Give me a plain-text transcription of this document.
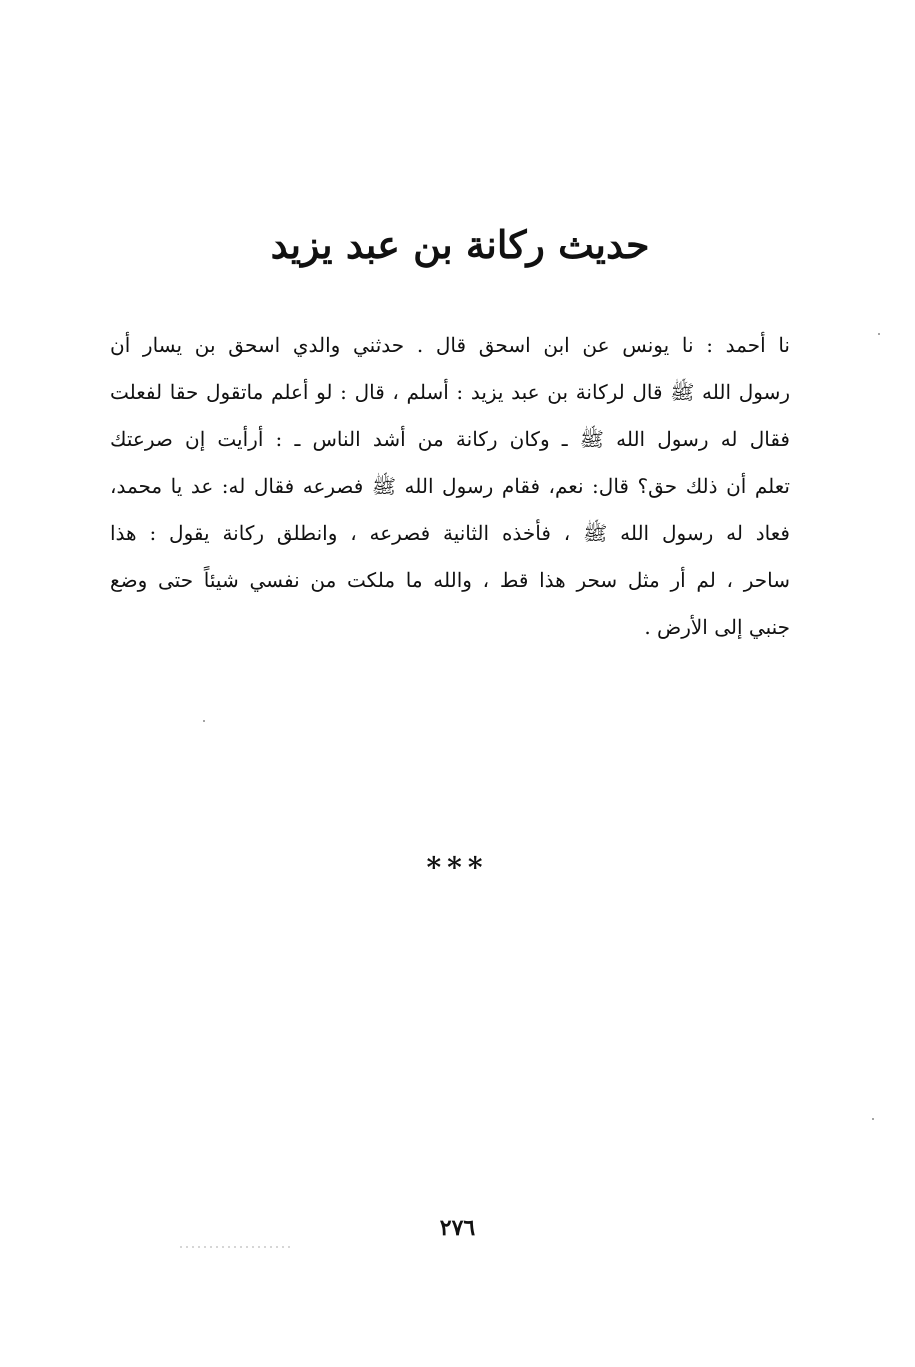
حديث ركانة بن عبد يزيد
نا أحمد : نا يونس عن ابن اسحق قال . حدثني والدي اسحق بن يسار أن
رسول الله ﷺ قال لركانة بن عبد يزيد : أسلم ، قال : لو أعلم ماتقول حقا لفعلت
فقال له رسول الله ﷺ ـ وكان ركانة من أشد الناس ـ : أرأيت إن صرعتك
تعلم أن ذلك حق؟ قال: نعم، فقام رسول الله ﷺ فصرعه فقال له: عد يا محمد،
فعاد له رسول الله ﷺ ، فأخذه الثانية فصرعه ، وانطلق ركانة يقول : هذا
ساحر ، لم أر مثل سحر هذا قط ، والله ما ملكت من نفسي شيئاً حتى وضع
جنبي إلى الأرض .
***
٢٧٦
